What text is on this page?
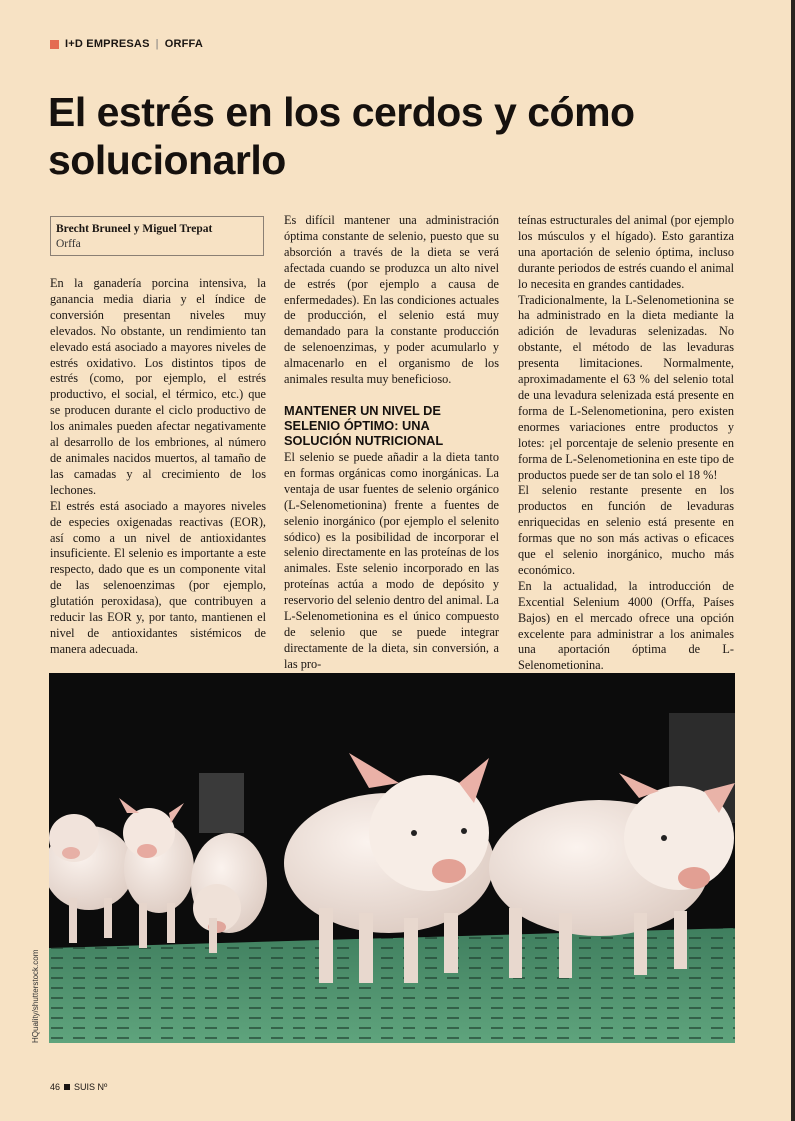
I+D EMPRESAS | ORFFA
El estrés en los cerdos y cómo solucionarlo
Brecht Bruneel y Miguel Trepat
Orffa

En la ganadería porcina intensiva, la ganancia media diaria y el índice de conversión presentan niveles muy elevados. No obstante, un rendimiento tan elevado está asociado a mayores niveles de estrés oxidativo. Los distintos tipos de estrés (como, por ejemplo, el estrés productivo, el social, el térmico, etc.) que se producen durante el ciclo productivo de los animales pueden afectar negativamente al desarrollo de los embriones, al número de animales nacidos muertos, al tamaño de las camadas y al crecimiento de los lechones.

El estrés está asociado a mayores niveles de especies oxigenadas reactivas (EOR), así como a un nivel de antioxidantes insuficiente. El selenio es importante a este respecto, dado que es un componente vital de las selenoenzimas (por ejemplo, glutatión peroxidasa), que contribuyen a reducir las EOR y, por tanto, mantienen el nivel de antioxidantes sistémicos de manera adecuada.

Es difícil mantener una administración óptima constante de selenio, puesto que su absorción a través de la dieta se verá afectada cuando se produzca un alto nivel de estrés (por ejemplo a causa de enfermedades). En las condiciones actuales de producción, el selenio está muy demandado para la constante producción de selenoenzimas, y poder acumularlo y almacenarlo en el organismo de los animales resulta muy beneficioso.

MANTENER UN NIVEL DE SELENIO ÓPTIMO: UNA SOLUCIÓN NUTRICIONAL

El selenio se puede añadir a la dieta tanto en formas orgánicas como inorgánicas. La ventaja de usar fuentes de selenio orgánico (L-Selenometionina) frente a fuentes de selenio inorgánico (por ejemplo el selenito sódico) es la posibilidad de incorporar el selenio directamente en las proteínas de los animales. Este selenio incorporado en las proteínas actúa a modo de depósito y reservorio del selenio dentro del animal. La L-Selenometionina es el único compuesto de selenio que se puede integrar directamente de la dieta, sin conversión, a las pro-

teínas estructurales del animal (por ejemplo los músculos y el hígado). Esto garantiza una aportación de selenio óptima, incluso durante periodos de estrés cuando el animal lo necesita en grandes cantidades.

Tradicionalmente, la L-Selenometionina se ha administrado en la dieta mediante la adición de levaduras selenizadas. No obstante, el método de las levaduras presenta limitaciones. Normalmente, aproximadamente el 63 % del selenio total de una levadura selenizada está presente en forma de L-Selenometionina, pero existen enormes variaciones entre productos y lotes: ¡el porcentaje de selenio presente en forma de L-Selenometionina en este tipo de productos puede ser de tan solo el 18 %!

El selenio restante presente en los productos en función de levaduras enriquecidas en selenio está presente en formas que no son más activas o eficaces que el selenio inorgánico, mucho más económico.

En la actualidad, la introducción de Excential Selenium 4000 (Orffa, Países Bajos) en el mercado ofrece una opción excelente para administrar a los animales una aportación óptima de L-Selenometionina.

HQuality/shutterstock.com
46 SUIS Nº
